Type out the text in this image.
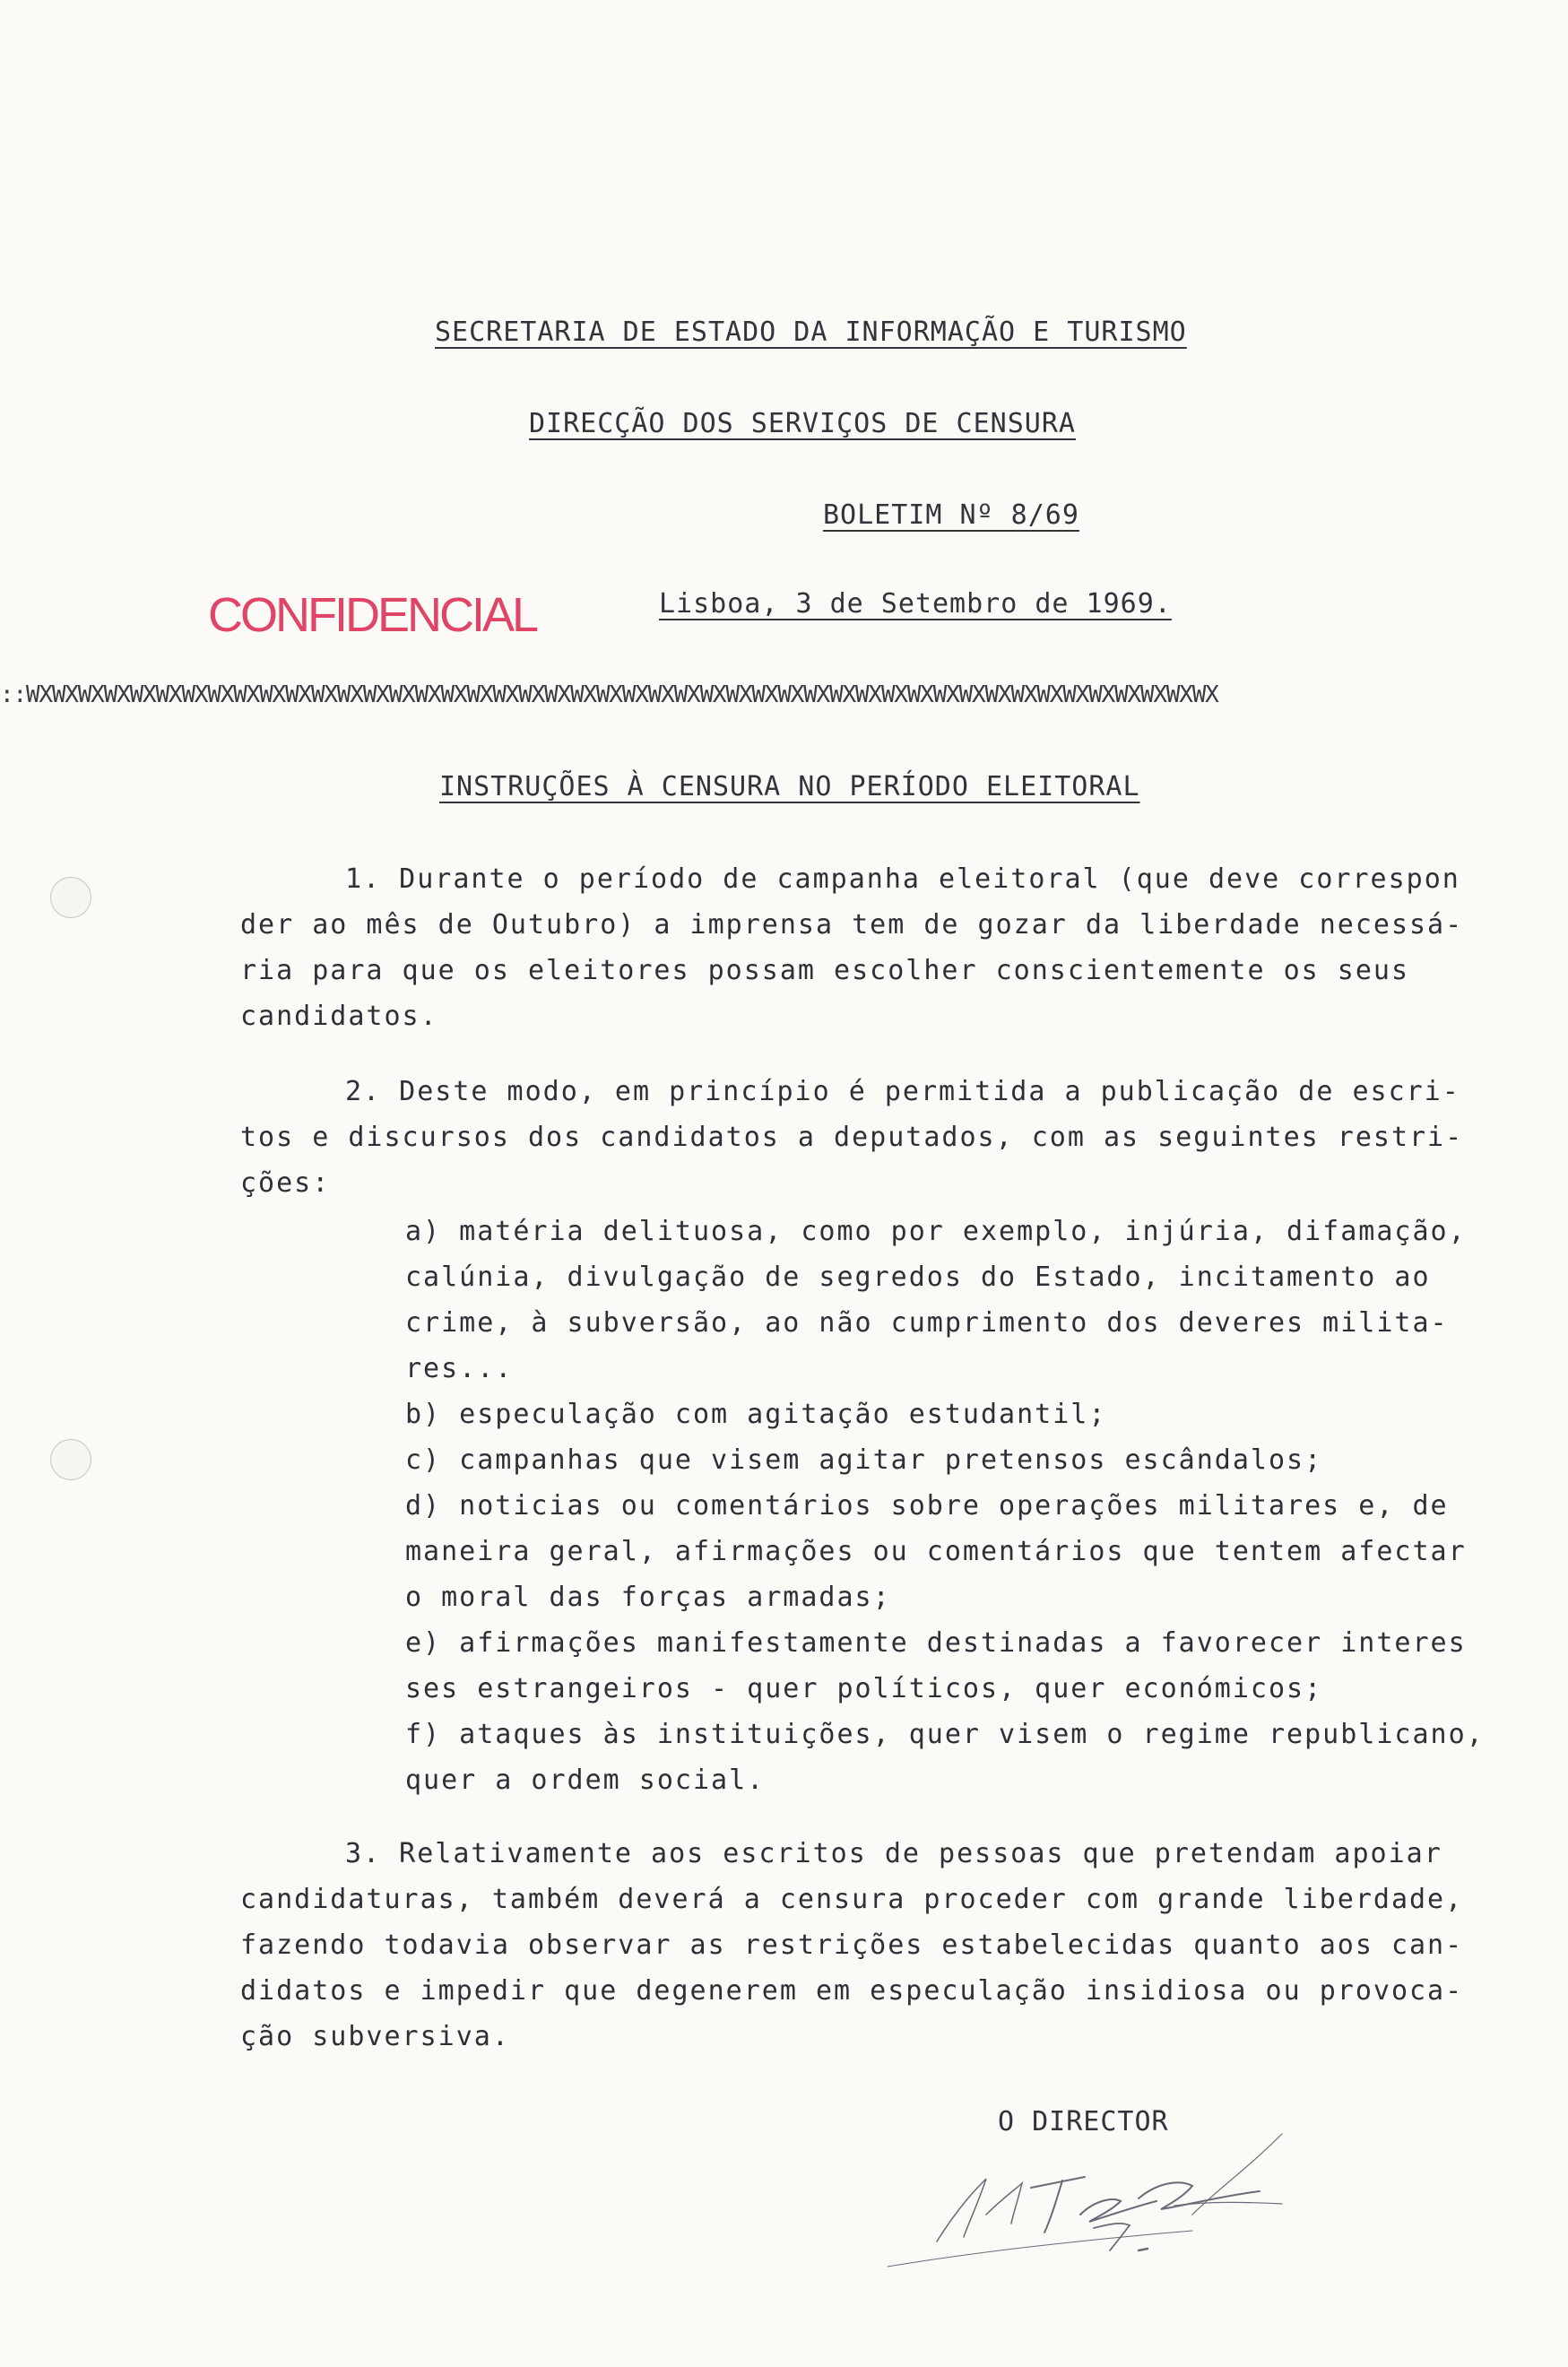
SECRETARIA DE ESTADO DA INFORMAÇÃO E TURISMO
DIRECÇÃO DOS SERVIÇOS DE CENSURA
BOLETIM Nº 8/69
CONFIDENCIAL	Lisboa, 3 de Setembro de 1969.
::WXWXWXWXWXWXWXWXWXWXWXWXWXWXWXWXWXWXWXWXWXWXWXWXWXWXWXWXWXWXWXWXWXWXWXWXWXWXWXWXWXWXWXWXWXWX
INSTRUÇÕES À CENSURA NO PERÍODO ELEITORAL
1. Durante o período de campanha eleitoral (que deve correspon
der ao mês de Outubro) a imprensa tem de gozar da liberdade necessá-
ria para que os eleitores possam escolher conscientemente os seus
candidatos.
2. Deste modo, em princípio é permitida a publicação de escri-
tos e discursos dos candidatos a deputados, com as seguintes restri-
ções:
a) matéria delituosa, como por exemplo, injúria, difamação,
calúnia, divulgação de segredos do Estado, incitamento ao
crime, à subversão, ao não cumprimento dos deveres milita-
res...
b) especulação com agitação estudantil;
c) campanhas que visem agitar pretensos escândalos;
d) noticias ou comentários sobre operações militares e, de
maneira geral, afirmações ou comentários que tentem afectar
o moral das forças armadas;
e) afirmações manifestamente destinadas a favorecer interes
ses estrangeiros - quer políticos, quer económicos;
f) ataques às instituições, quer visem o regime republicano,
quer a ordem social.
3. Relativamente aos escritos de pessoas que pretendam apoiar
candidaturas, também deverá a censura proceder com grande liberdade,
fazendo todavia observar as restrições estabelecidas quanto aos can-
didatos e impedir que degenerem em especulação insidiosa ou provoca-
ção subversiva.
O DIRECTOR
